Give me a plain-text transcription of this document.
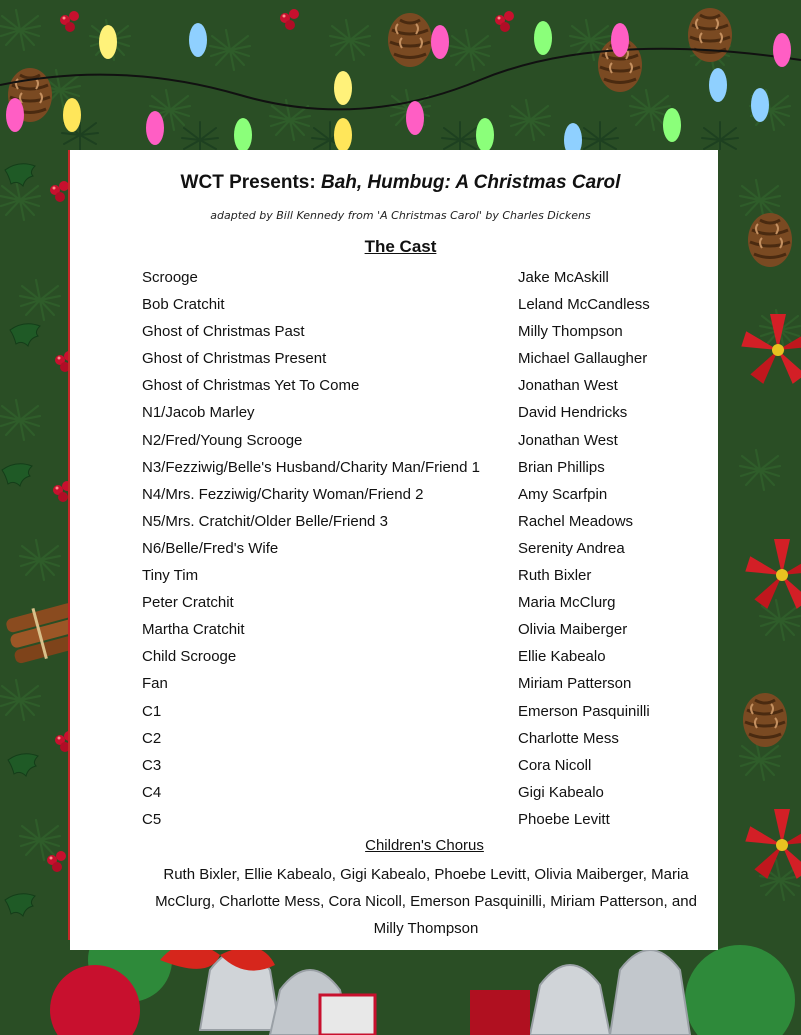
WCT Presents: Bah, Humbug: A Christmas Carol
adapted by Bill Kennedy from 'A Christmas Carol' by Charles Dickens
The Cast
Scrooge	Jake McAskill
Bob Cratchit	Leland McCandless
Ghost of Christmas Past	Milly Thompson
Ghost of Christmas Present	Michael Gallaugher
Ghost of Christmas Yet To Come	Jonathan West
N1/Jacob Marley	David Hendricks
N2/Fred/Young Scrooge	Jonathan West
N3/Fezziwig/Belle's Husband/Charity Man/Friend 1	Brian Phillips
N4/Mrs. Fezziwig/Charity Woman/Friend 2	Amy Scarfpin
N5/Mrs. Cratchit/Older Belle/Friend 3	Rachel Meadows
N6/Belle/Fred's Wife	Serenity Andrea
Tiny Tim	Ruth Bixler
Peter Cratchit	Maria McClurg
Martha Cratchit	Olivia Maiberger
Child Scrooge	Ellie Kabealo
Fan	Miriam Patterson
C1	Emerson Pasquinilli
C2	Charlotte Mess
C3	Cora Nicoll
C4	Gigi Kabealo
C5	Phoebe Levitt
Children's Chorus
Ruth Bixler, Ellie Kabealo, Gigi Kabealo, Phoebe Levitt, Olivia Maiberger, Maria McClurg, Charlotte Mess, Cora Nicoll, Emerson Pasquinilli, Miriam Patterson, and Milly Thompson
